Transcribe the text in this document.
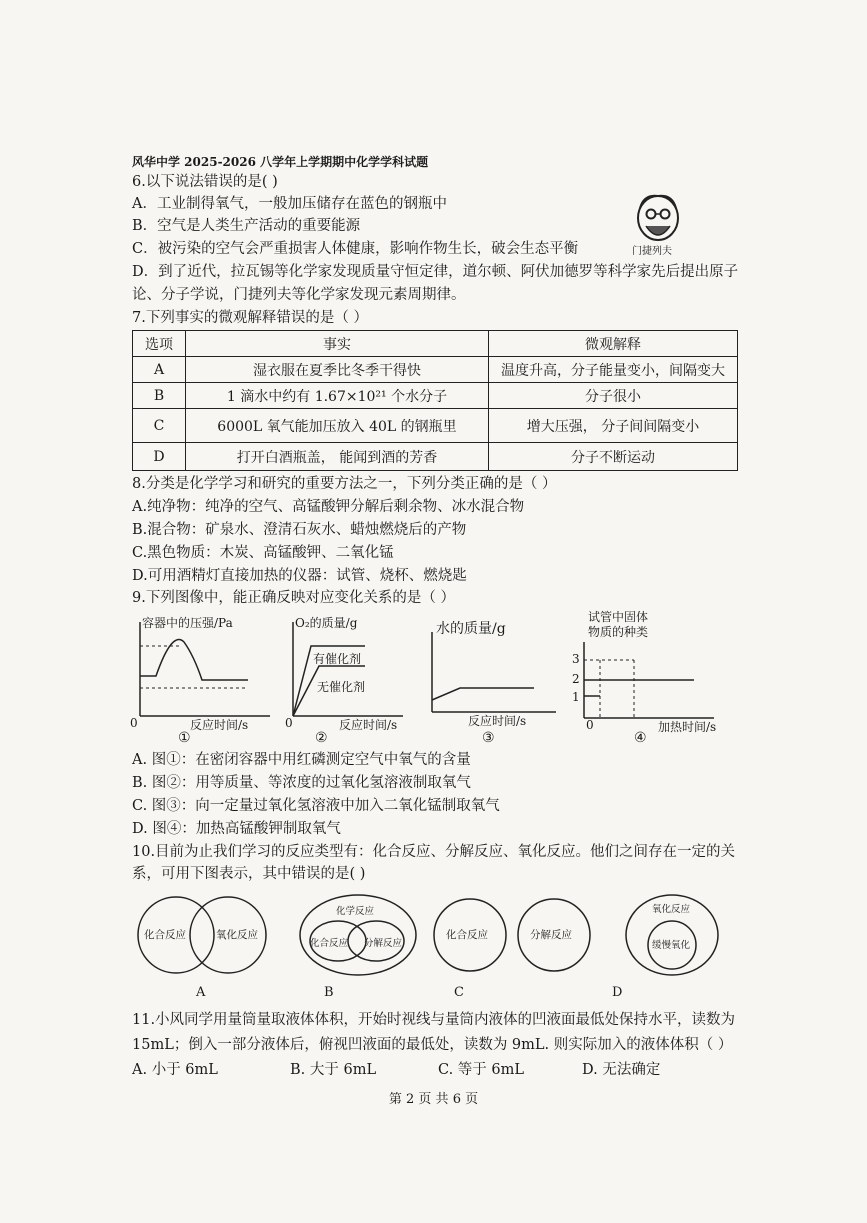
风华中学 2025-2026 八学年上学期期中化学学科试题
6.以下说法错误的是( )
A．工业制得氧气，一般加压储存在蓝色的钢瓶中
B．空气是人类生产活动的重要能源
C．被污染的空气会严重损害人体健康，影响作物生长，破会生态平衡
D．到了近代，拉瓦锡等化学家发现质量守恒定律，道尔顿、阿伏加德罗等科学家先后提出原子
论、分子学说，门捷列夫等化学家发现元素周期律。
门捷列夫
7.下列事实的微观解释错误的是（ ）
选项	事实	微观解释
A	湿衣服在夏季比冬季干得快	温度升高，分子能量变小，间隔变大
B	1 滴水中约有 1.67×10²¹ 个水分子	分子很小
C	6000L 氧气能加压放入 40L 的钢瓶里	增大压强， 分子间间隔变小
D	打开白酒瓶盖， 能闻到酒的芳香	分子不断运动
8.分类是化学学习和研究的重要方法之一，下列分类正确的是（ ）
A.纯净物：纯净的空气、高锰酸钾分解后剩余物、冰水混合物
B.混合物：矿泉水、澄清石灰水、蜡烛燃烧后的产物
C.黑色物质：木炭、高锰酸钾、二氧化锰
D.可用酒精灯直接加热的仪器：试管、烧杯、燃烧匙
9.下列图像中，能正确反映对应变化关系的是（ ）
容器中的压强/Pa
0	反应时间/s
①
O₂的质量/g
有催化剂
无催化剂
0	反应时间/s
②
水的质量/g
反应时间/s
③
试管中固体
物质的种类
3
2
1
0	加热时间/s
④
A. 图①：在密闭容器中用红磷测定空气中氧气的含量
B. 图②：用等质量、等浓度的过氧化氢溶液制取氧气
C. 图③：向一定量过氧化氢溶液中加入二氧化锰制取氧气
D. 图④：加热高锰酸钾制取氧气
10.目前为止我们学习的反应类型有：化合反应、分解反应、氧化反应。他们之间存在一定的关
系，可用下图表示，其中错误的是( )
化合反应	氧化反应
A
化学反应
化合反应 分解反应
B
化合反应	分解反应
C
氧化反应
缓慢氧化
D
11.小风同学用量筒量取液体体积，开始时视线与量筒内液体的凹液面最低处保持水平，读数为
15mL；倒入一部分液体后，俯视凹液面的最低处，读数为 9mL. 则实际加入的液体体积（ ）
A. 小于 6mL	B. 大于 6mL	C. 等于 6mL	D. 无法确定
第 2 页 共 6 页
